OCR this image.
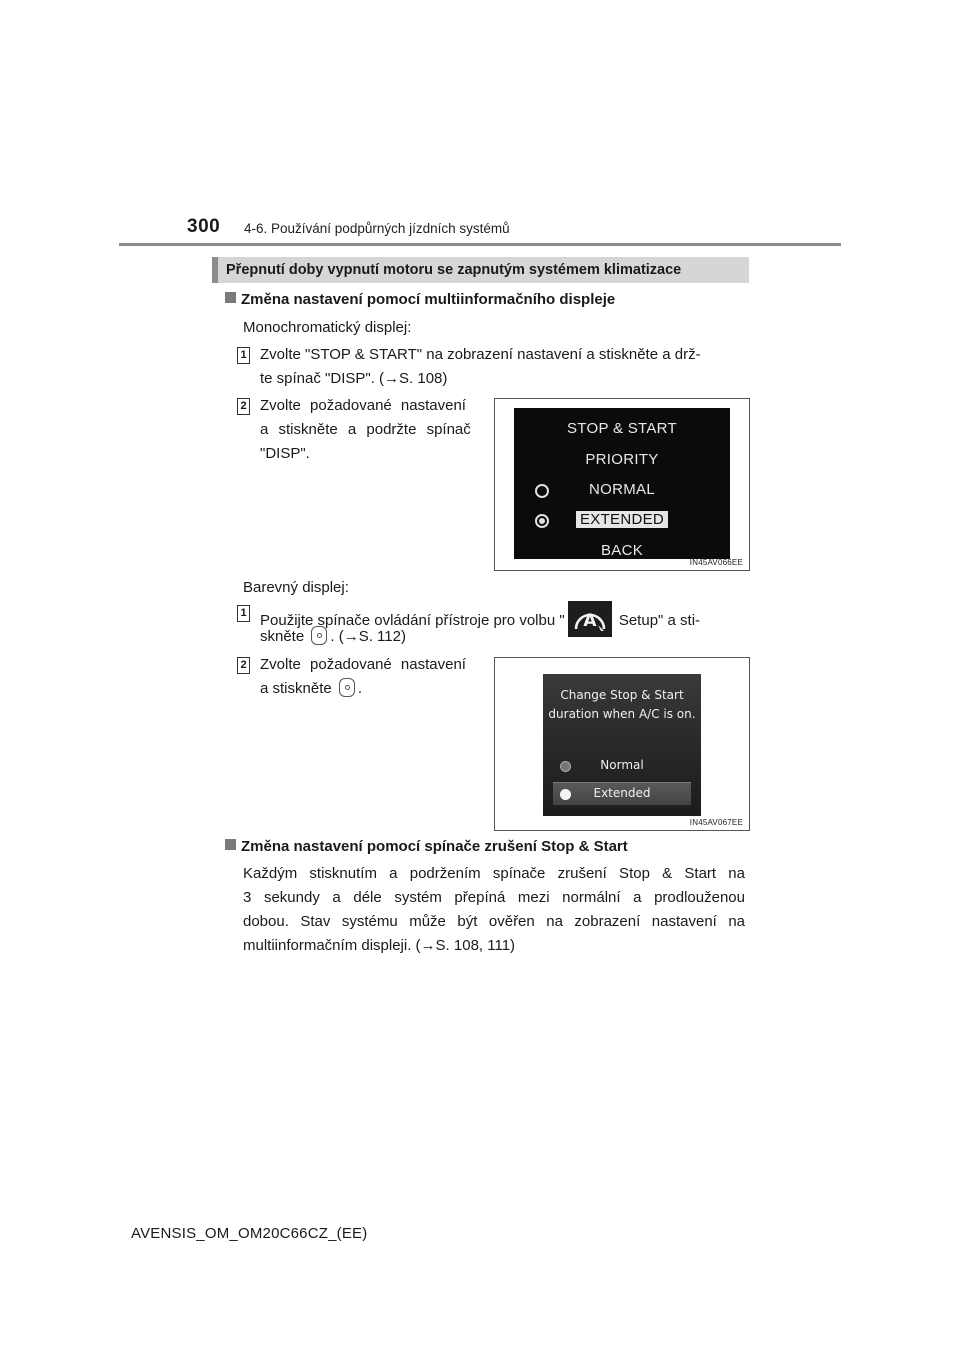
300 4-6. Používání podpůrných jízdních systémů
Přepnutí doby vypnutí motoru se zapnutým systémem klimatizace
Změna nastavení pomocí multiinformačního displeje
Monochromatický displej:
1 Zvolte "STOP & START" na zobrazení nastavení a stiskněte a drž-
te spínač "DISP". (→S. 108)
2 Zvolte požadované nastavení
a stiskněte a podržte spínač
"DISP".
STOP & START
PRIORITY
NORMAL
EXTENDED
BACK
IN45AV066EE
Barevný displej:
1 Použijte spínače ovládání přístroje pro volbu " A Setup" a sti-
skněte . (→S. 112)
2 Zvolte požadované nastavení
a stiskněte .	Change Stop & Start
duration when A/C is on.
Normal
Extended
IN45AV067EE
Změna nastavení pomocí spínače zrušení Stop & Start
Každým stisknutím a podržením spínače zrušení Stop & Start na
3 sekundy a déle systém přepíná mezi normální a prodlouženou
dobou. Stav systému může být ověřen na zobrazení nastavení na
multiinformačním displeji. (→S. 108, 111)
AVENSIS_OM_OM20C66CZ_(EE)
